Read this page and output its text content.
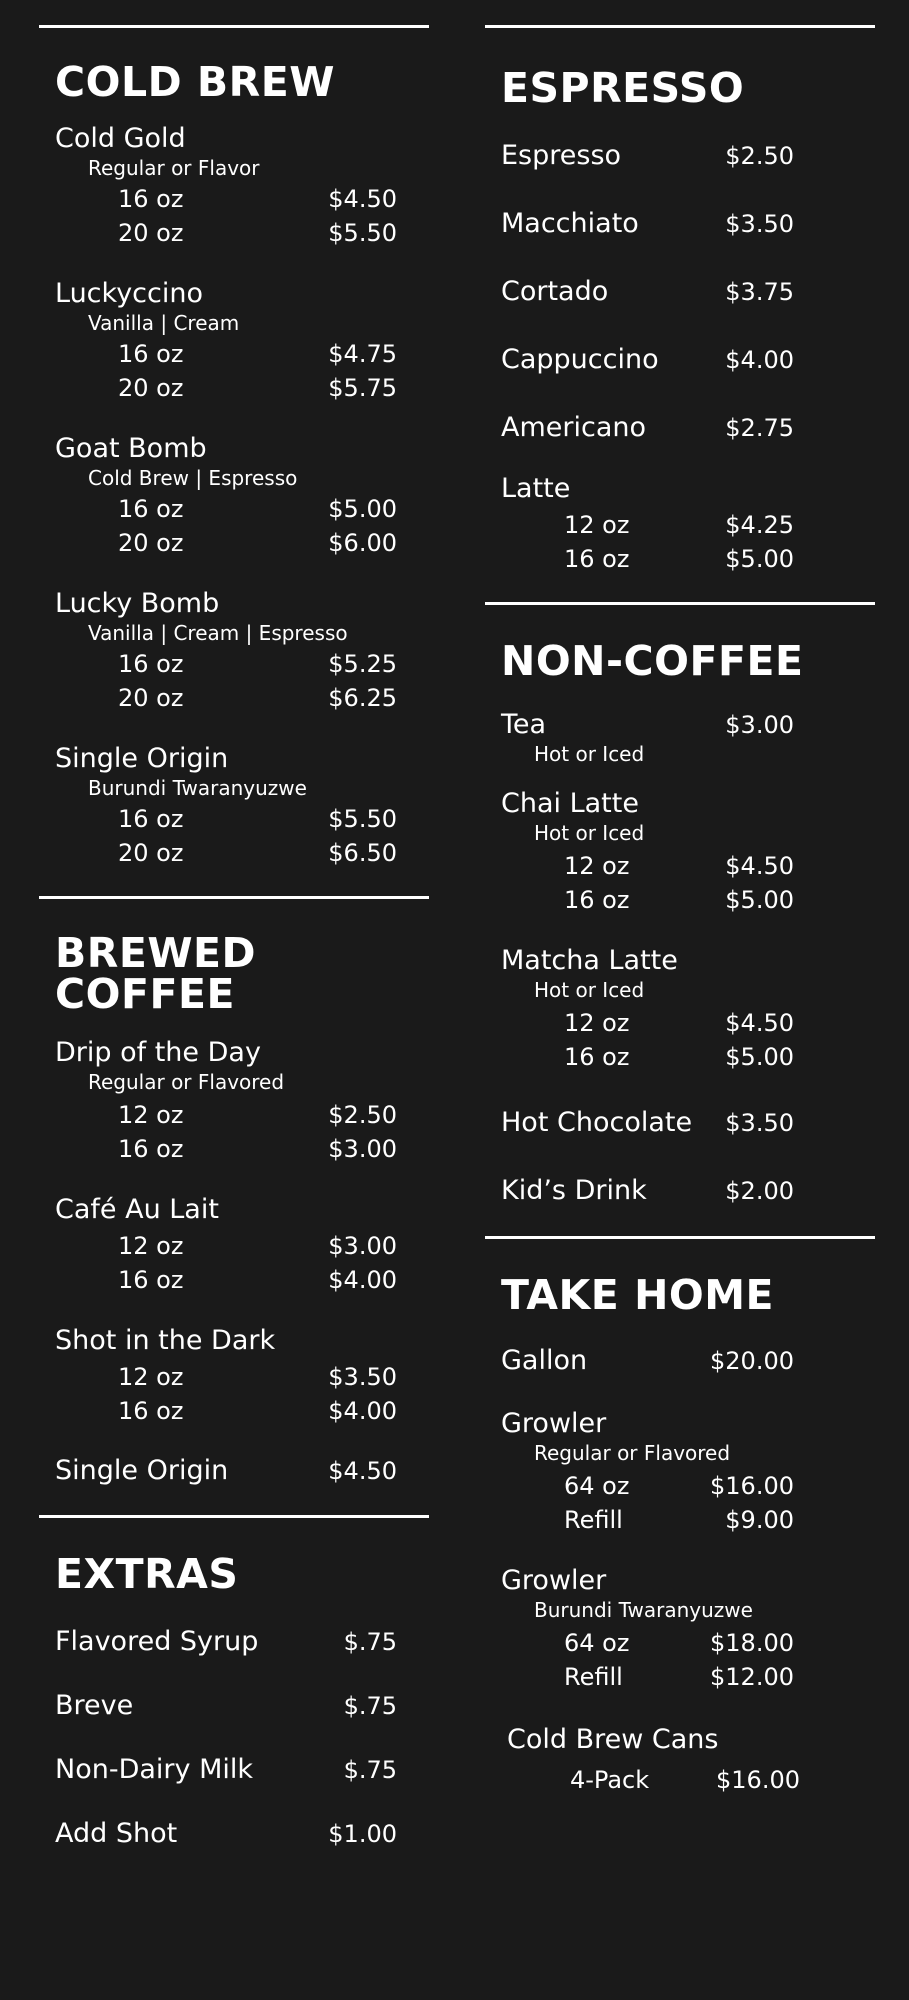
COLD BREW
Cold Gold
Regular or Flavor
16 oz	$4.50
20 oz	$5.50
Luckyccino
Vanilla | Cream
16 oz	$4.75
20 oz	$5.75
Goat Bomb
Cold Brew | Espresso
16 oz	$5.00
20 oz	$6.00
Lucky Bomb
Vanilla | Cream | Espresso
16 oz	$5.25
20 oz	$6.25
Single Origin
Burundi Twaranyuzwe
16 oz	$5.50
20 oz	$6.50
BREWED COFFEE
Drip of the Day
Regular or Flavored
12 oz	$2.50
16 oz	$3.00
Café Au Lait
12 oz	$3.00
16 oz	$4.00
Shot in the Dark
12 oz	$3.50
16 oz	$4.00
Single Origin	$4.50
EXTRAS
Flavored Syrup	$.75
Breve	$.75
Non-Dairy Milk	$.75
Add Shot	$1.00
ESPRESSO
Espresso	$2.50
Macchiato	$3.50
Cortado	$3.75
Cappuccino	$4.00
Americano	$2.75
Latte
12 oz	$4.25
16 oz	$5.00
NON-COFFEE
Tea	$3.00
Hot or Iced
Chai Latte
Hot or Iced
12 oz	$4.50
16 oz	$5.00
Matcha Latte
Hot or Iced
12 oz	$4.50
16 oz	$5.00
Hot Chocolate $3.50
Kid’s Drink	$2.00
TAKE HOME
Gallon	$20.00
Growler
Regular or Flavored
64 oz	$16.00
Refill	$9.00
Growler
Burundi Twaranyuzwe
64 oz	$18.00
Refill	$12.00
Cold Brew Cans
4-Pack	$16.00
